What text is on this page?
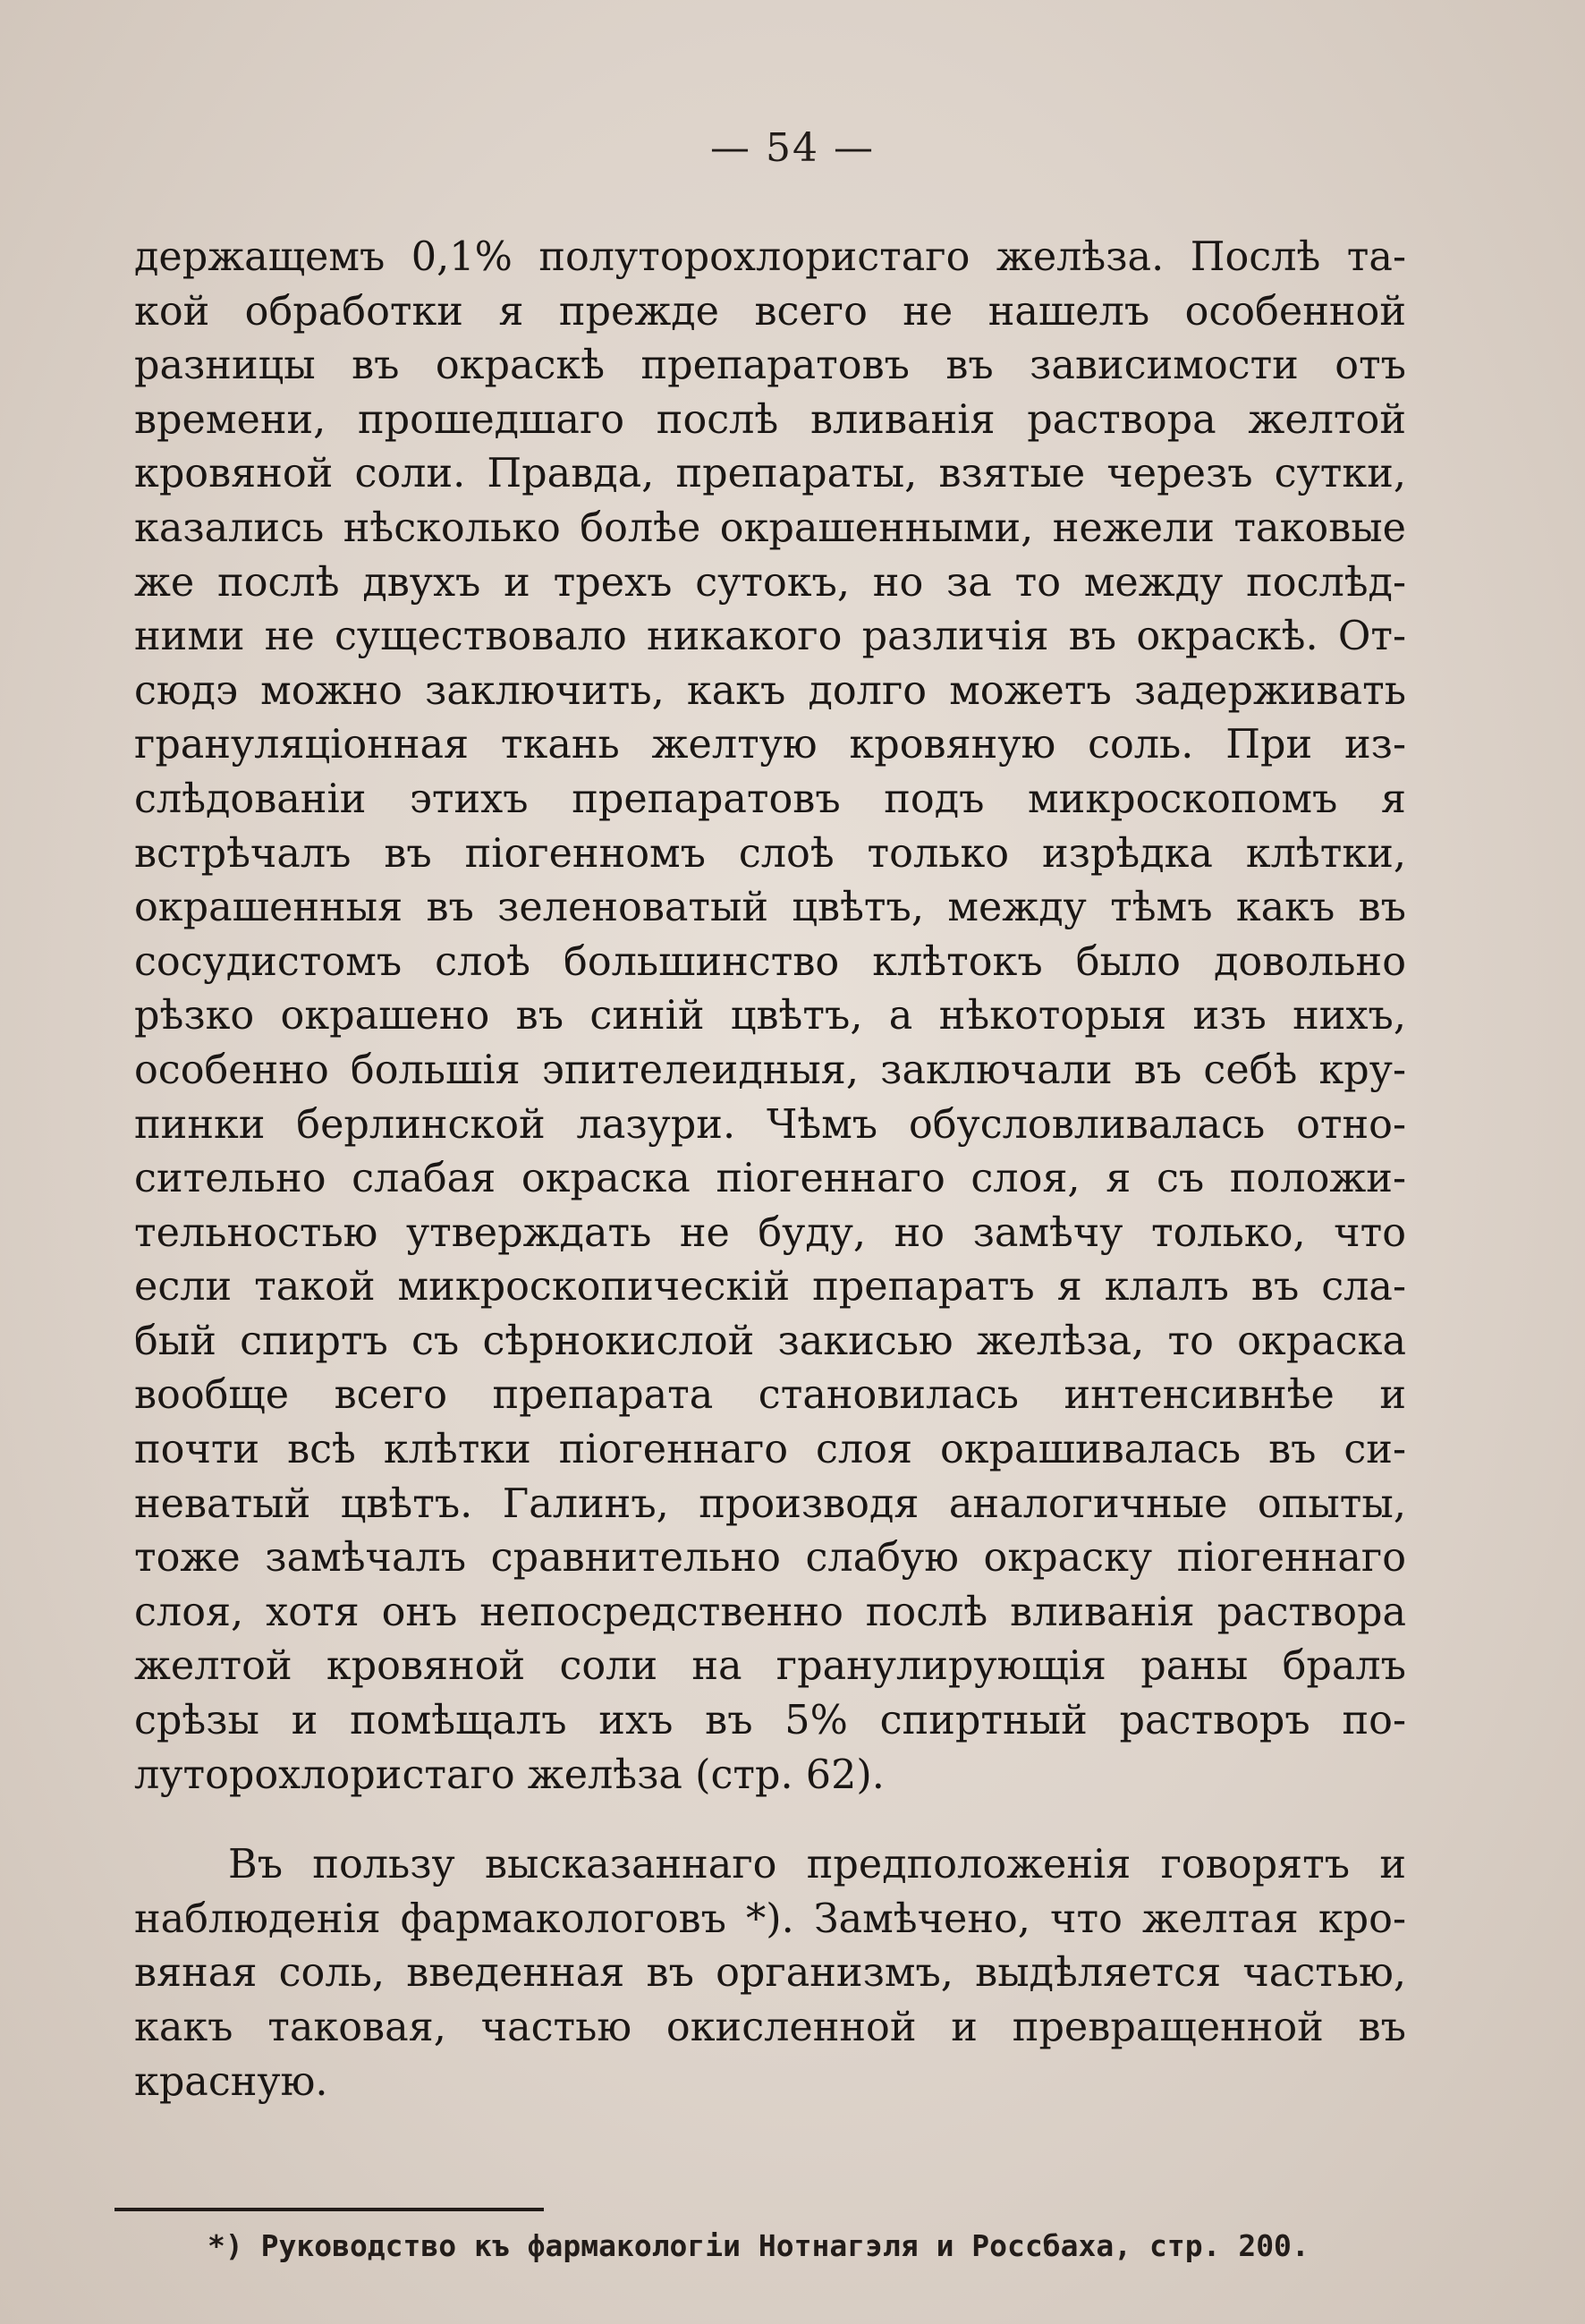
— 54 —
держащемъ 0,1% полуторохлористаго желѣза. Послѣ та-
кой обработки я прежде всего не нашелъ особенной
разницы въ окраскѣ препаратовъ въ зависимости отъ
времени, прошедшаго послѣ вливанія раствора желтой
кровяной соли. Правда, препараты, взятые черезъ сутки,
казались нѣсколько болѣе окрашенными, нежели таковые
же послѣ двухъ и трехъ сутокъ, но за то между послѣд-
ними не существовало никакого различія въ окраскѣ. От-
сюдэ можно заключить, какъ долго можетъ задерживать
грануляціонная ткань желтую кровяную соль. При из-
слѣдованіи этихъ препаратовъ подъ микроскопомъ я
встрѣчалъ въ піогенномъ слоѣ только изрѣдка клѣтки,
окрашенныя въ зеленоватый цвѣтъ, между тѣмъ какъ въ
сосудистомъ слоѣ большинство клѣтокъ было довольно
рѣзко окрашено въ синій цвѣтъ, а нѣкоторыя изъ нихъ,
особенно большія эпителеидныя, заключали въ себѣ кру-
пинки берлинской лазури. Чѣмъ обусловливалась отно-
сительно слабая окраска піогеннаго слоя, я съ положи-
тельностью утверждать не буду, но замѣчу только, что
если такой микроскопическій препаратъ я клалъ въ сла-
бый спиртъ съ сѣрнокислой закисью желѣза, то окраска
вообще всего препарата становилась интенсивнѣе и
почти всѣ клѣтки піогеннаго слоя окрашивалась въ си-
неватый цвѣтъ. Галинъ, производя аналогичные опыты,
тоже замѣчалъ сравнительно слабую окраску піогеннаго
слоя, хотя онъ непосредственно послѣ вливанія раствора
желтой кровяной соли на гранулирующія раны бралъ
срѣзы и помѣщалъ ихъ въ 5% спиртный растворъ по-
луторохлористаго желѣза (стр. 62).
Въ пользу высказаннаго предположенія говорятъ и
наблюденія фармакологовъ *). Замѣчено, что желтая кро-
вяная соль, введенная въ организмъ, выдѣляется частью,
какъ таковая, частью окисленной и превращенной въ
красную.
*) Руководство къ фармакологіи Нотнагэля и Россбаха, стр. 200.
